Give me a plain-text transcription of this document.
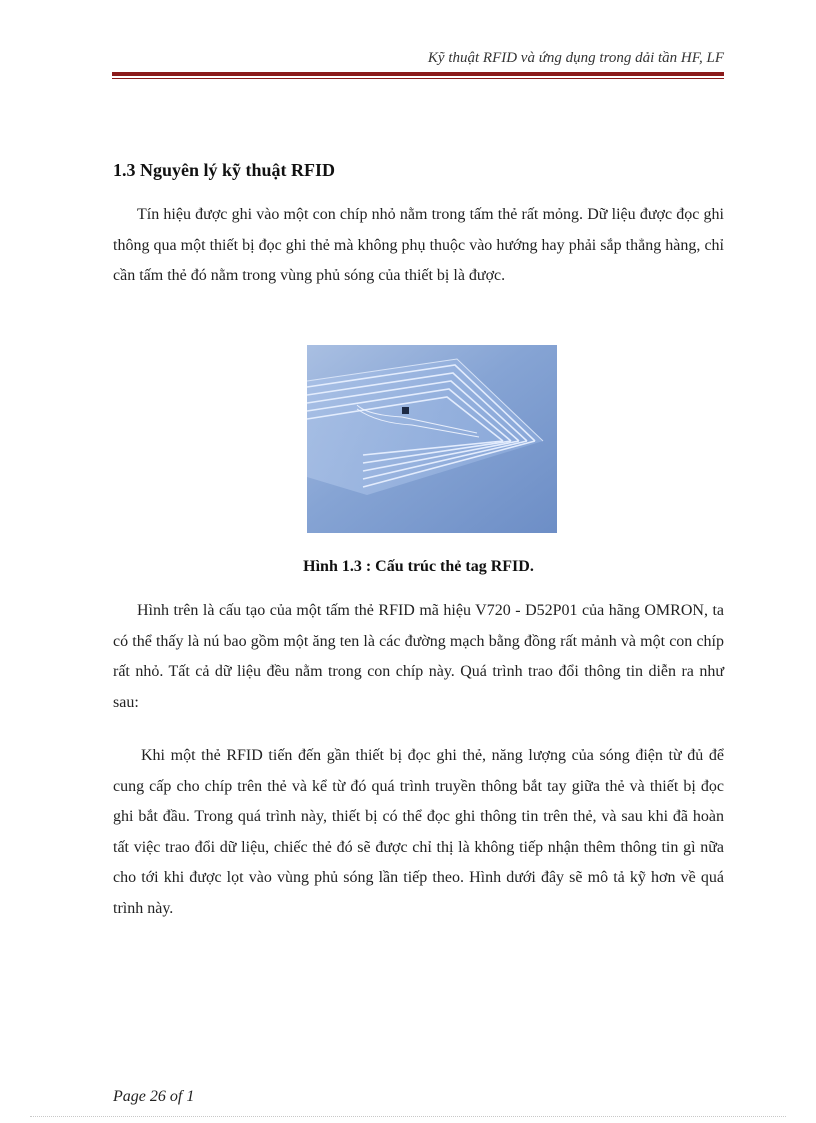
Kỹ thuật RFID và ứng dụng trong dải tần HF, LF
1.3 Nguyên lý kỹ thuật RFID

Tín hiệu được ghi vào một con chíp nhỏ nằm trong tấm thẻ rất mỏng. Dữ liệu được đọc ghi thông qua một thiết bị đọc ghi thẻ mà không phụ thuộc vào hướng hay phải sắp thẳng hàng, chỉ cần tấm thẻ đó nằm trong vùng phủ sóng của thiết bị là được.

Hình 1.3 : Cấu trúc thẻ tag RFID.

Hình trên là cấu tạo của một tấm thẻ RFID mã hiệu V720 - D52P01 của hãng OMRON, ta có thể thấy là nú bao gồm một ăng ten là các đường mạch bằng đồng rất mảnh và một con chíp rất nhỏ. Tất cả dữ liệu đều nằm trong con chíp này. Quá trình trao đổi thông tin diễn ra như sau:

Khi một thẻ RFID tiến đến gần thiết bị đọc ghi thẻ, năng lượng của sóng điện từ đủ để cung cấp cho chíp trên thẻ và kể từ đó quá trình truyền thông bắt tay giữa thẻ và thiết bị đọc ghi bắt đầu. Trong quá trình này, thiết bị có thể đọc ghi thông tin trên thẻ, và sau khi đã hoàn tất việc trao đổi dữ liệu, chiếc thẻ đó sẽ được chỉ thị là không tiếp nhận thêm thông tin gì nữa cho tới khi được lọt vào vùng phủ sóng lần tiếp theo. Hình dưới đây sẽ mô tả kỹ hơn về quá trình này.

Page 26 of 1
